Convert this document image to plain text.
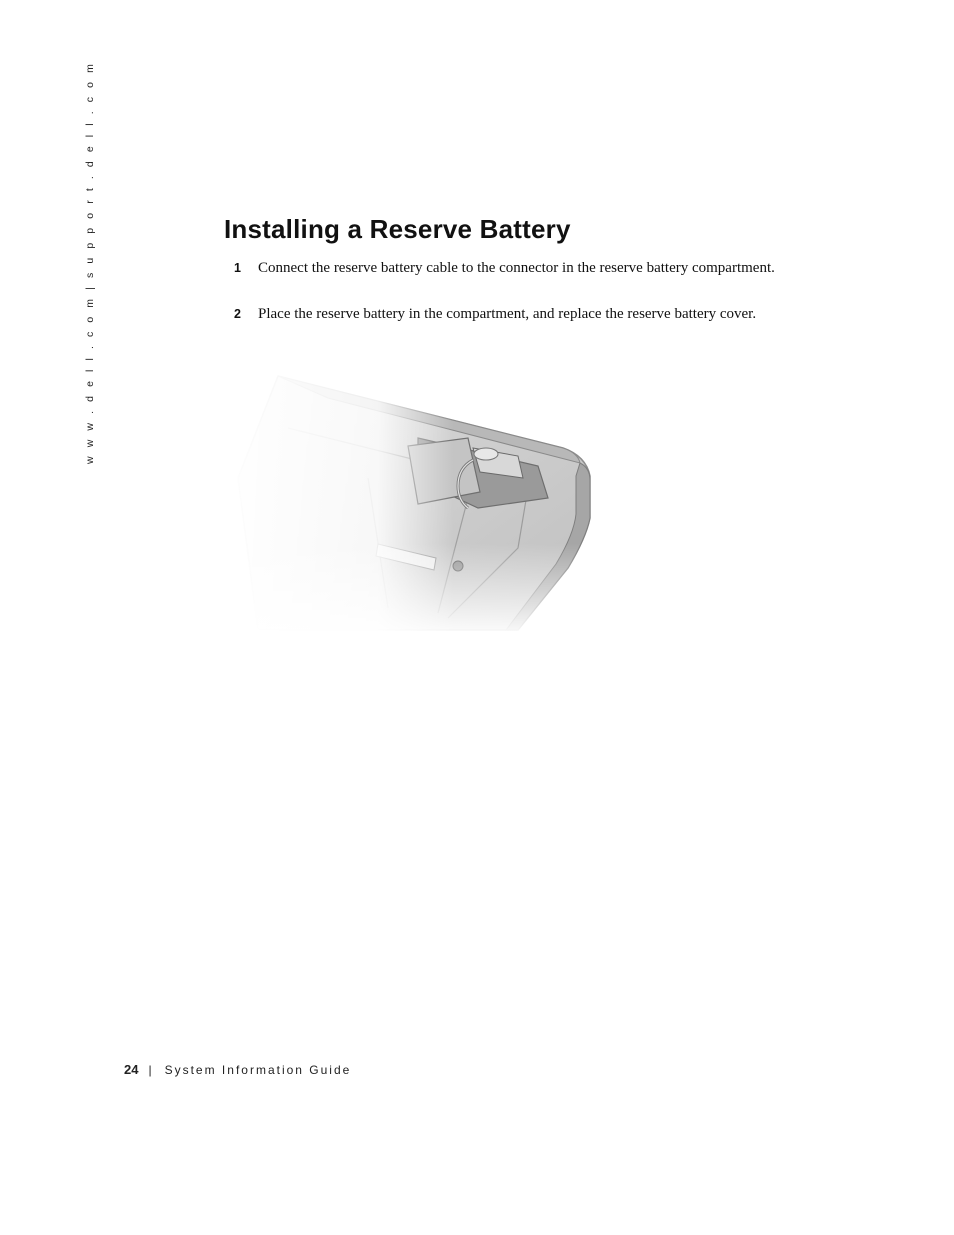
w w w . d e l l . c o m | s u p p o r t . d e l l . c o m	Installing a Reserve Battery
1 Connect the reserve battery cable to the connector in the reserve battery compartment.
2 Place the reserve battery in the compartment, and replace the reserve battery cover.
24 | System Information Guide
